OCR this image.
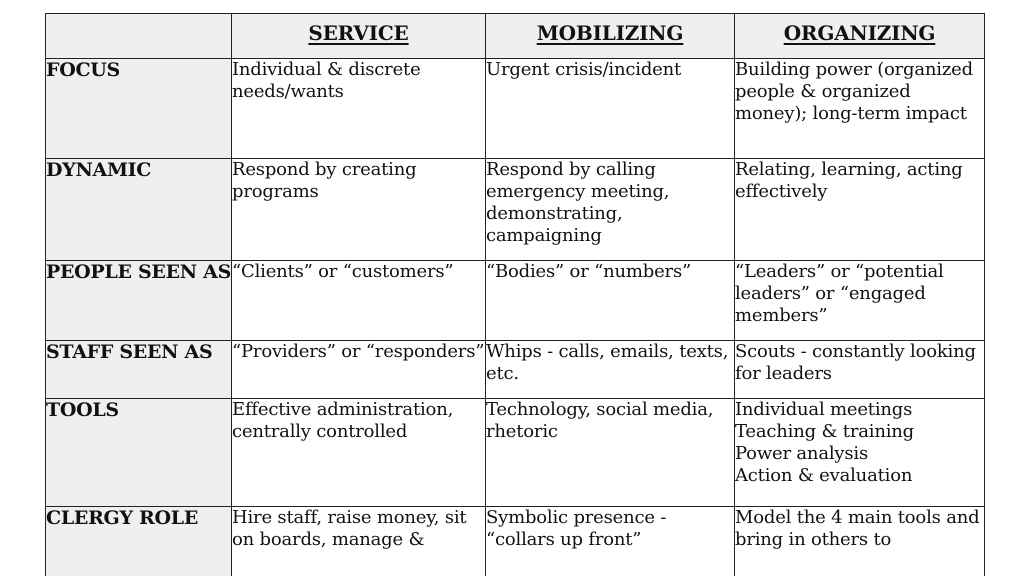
	SERVICE	MOBILIZING	ORGANIZING
FOCUS	Individual & discrete needs/wants	Urgent crisis/incident	Building power (organized people & organized money); long-term impact

DYNAMIC	Respond by creating programs	Respond by calling emergency meeting, demonstrating, campaigning	Relating, learning, acting effectively

PEOPLE SEEN AS	“Clients” or “customers”	“Bodies” or “numbers”	“Leaders” or “potential leaders” or “engaged members”

STAFF SEEN AS	“Providers” or “responders”	Whips - calls, emails, texts, etc.	Scouts - constantly looking for leaders

TOOLS	Effective administration, centrally controlled	Technology, social media, rhetoric	Individual meetings
Teaching & training
Power analysis
Action & evaluation

CLERGY ROLE	Hire staff, raise money, sit on boards, manage &	Symbolic presence - “collars up front”	Model the 4 main tools and bring in others to
